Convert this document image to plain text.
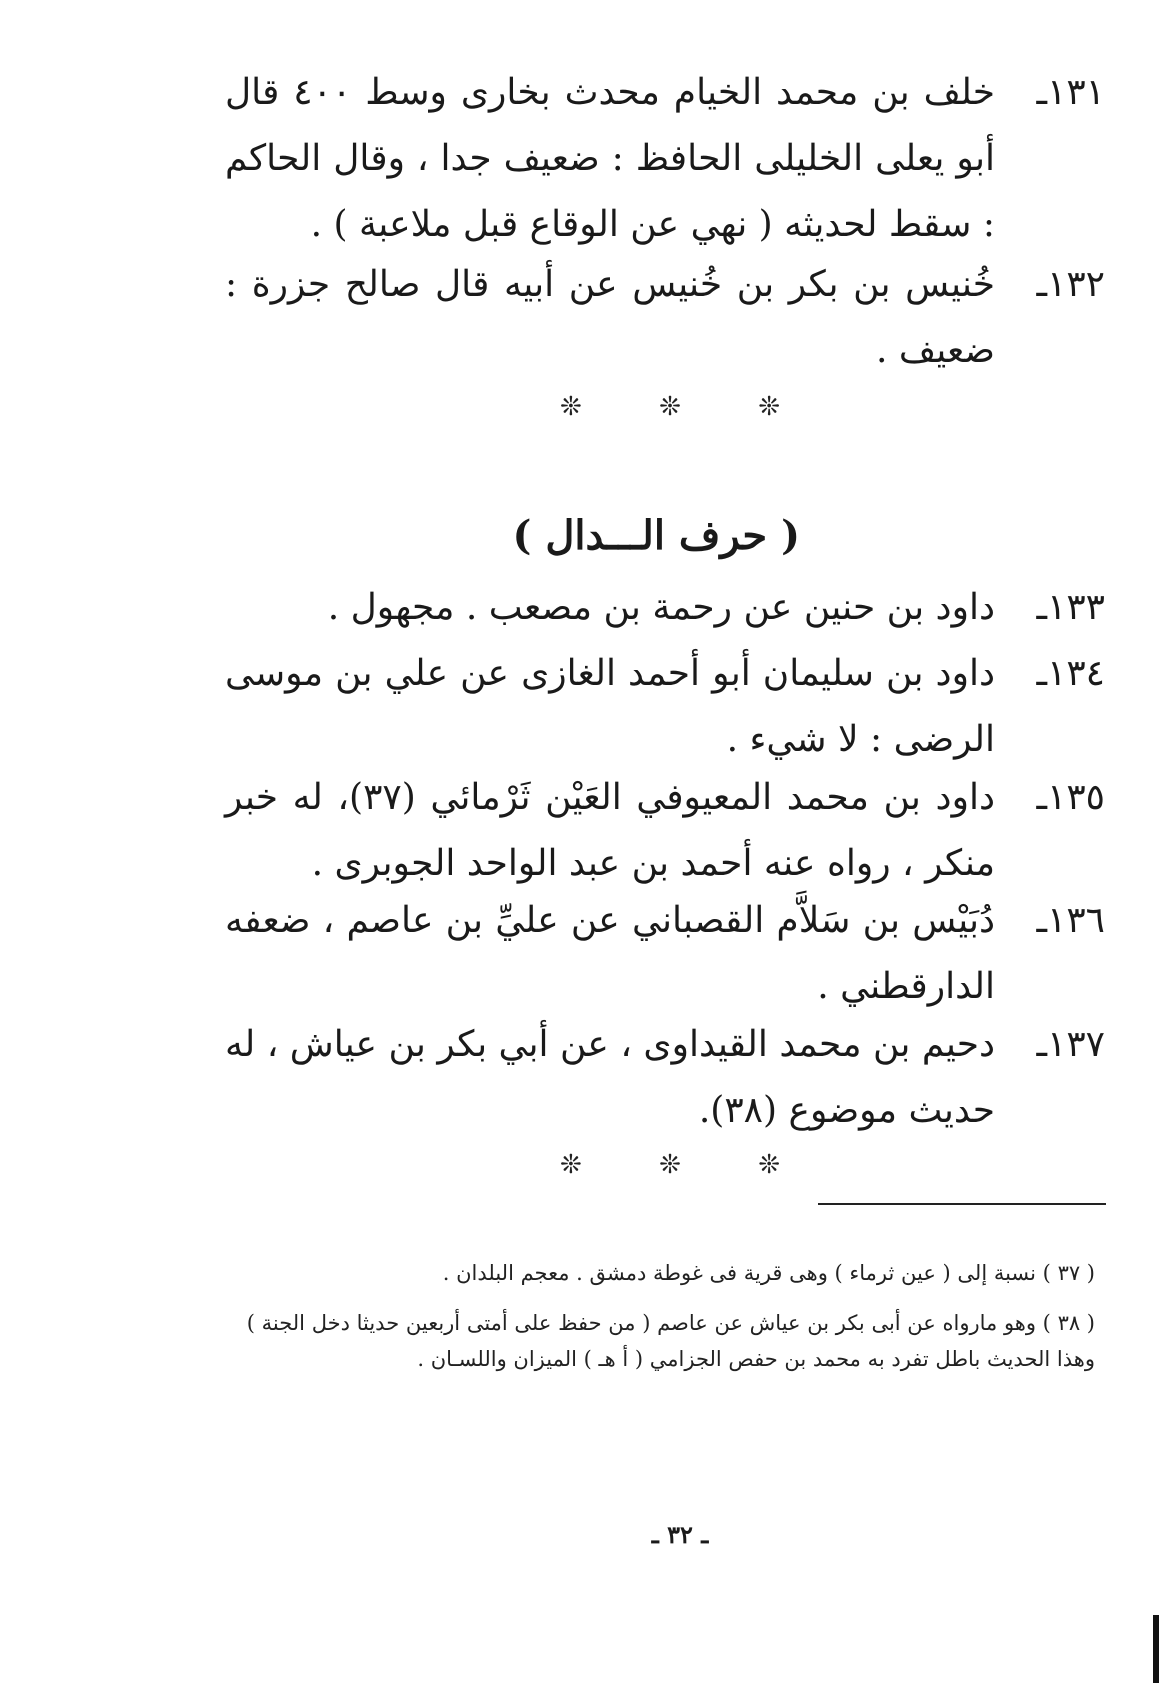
١٣١ـ
خلف بن محمد الخيام محدث بخارى وسط ٤٠٠ قال أبو يعلى الخليلى الحافظ : ضعيف جدا ، وقال الحاكم : سقط لحديثه ( نهي عن الوقاع قبل ملاعبة ) .
١٣٢ـ
خُنيس بن بكر بن خُنيس عن أبيه قال صالح جزرة : ضعيف .
❊	❊	❊
( حرف الـــدال )
١٣٣ـ
داود بن حنين عن رحمة بن مصعب . مجهول .
١٣٤ـ
داود بن سليمان أبو أحمد الغازى عن علي بن موسى الرضى : لا شيء .
١٣٥ـ
داود بن محمد المعيوفي العَيْن ثَرْمائي (٣٧)، له خبر منكر ، رواه عنه أحمد بن عبد الواحد الجوبرى .
١٣٦ـ
دُبَيْس بن سَلاَّم القصباني عن عليِّ بن عاصم ، ضعفه الدارقطني .
١٣٧ـ
دحيم بن محمد القيداوى ، عن أبي بكر بن عياش ، له حديث موضوع (٣٨).
❊	❊	❊
( ٣٧ ) نسبة إلى ( عين ثرماء ) وهى قرية فى غوطة دمشق . معجم البلدان .
( ٣٨ ) وهو مارواه عن أبى بكر بن عياش عن عاصم ( من حفظ على أمتى أربعين حديثا دخل الجنة ) وهذا الحديث باطل تفرد به محمد بن حفص الجزامي ( أ هـ ) الميزان واللسـان .
ـ ٣٢ ـ
